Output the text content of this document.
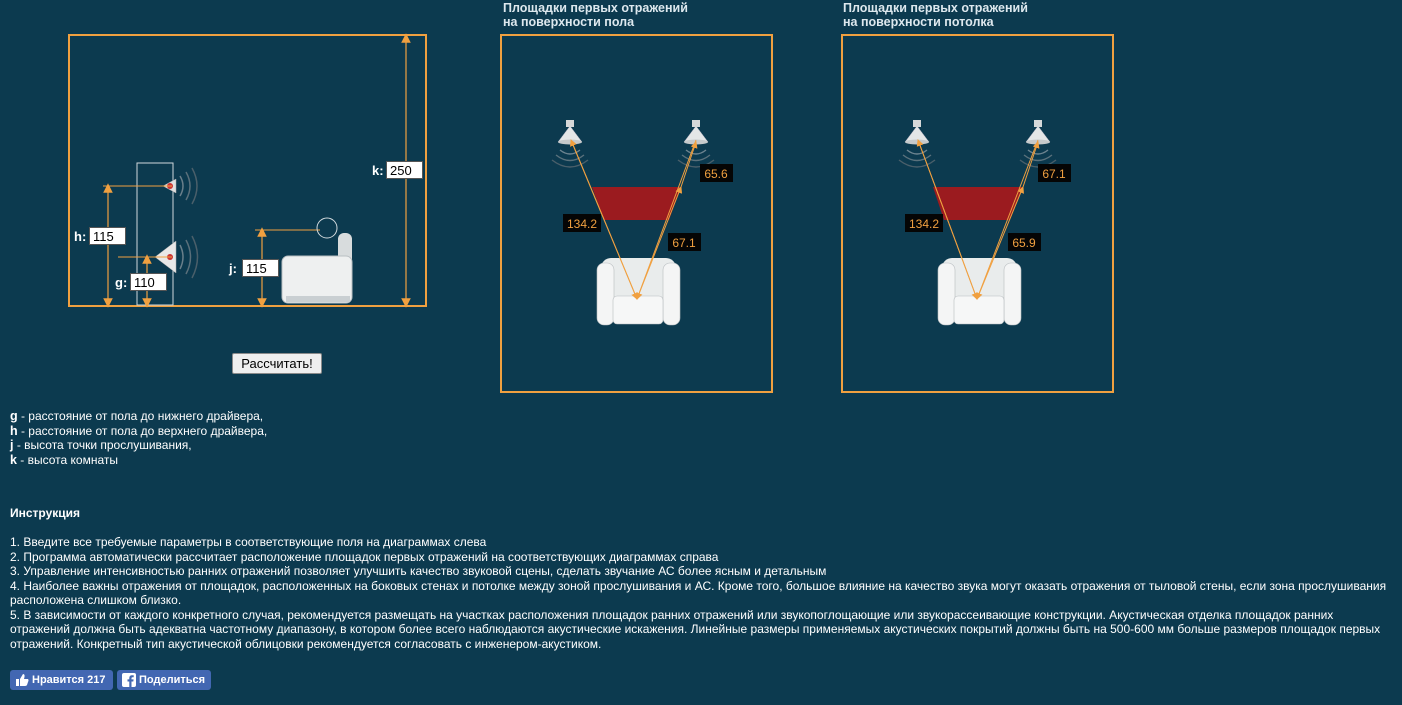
k:
250
h:
115
g:
110
j:
115
Рассчитать!
Площадки первых отражений
на поверхности пола
134.2
65.6
67.1
Площадки первых отражений
на поверхности потолка
134.2
67.1
65.9
g - расстояние от пола до нижнего драйвера,
h - расстояние от пола до верхнего драйвера,
j - высота точки прослушивания,
k - высота комнаты
Инструкция
1. Введите все требуемые параметры в соответствующие поля на диаграммах слева
2. Программа автоматически рассчитает расположение площадок первых отражений на соответствующих диаграммах справа
3. Управление интенсивностью ранних отражений позволяет улучшить качество звуковой сцены, сделать звучание АС более ясным и детальным
4. Наиболее важны отражения от площадок, расположенных на боковых стенах и потолке между зоной прослушивания и АС. Кроме того, большое влияние на качество звука могут оказать отражения от тыловой стены, если зона прослушивания расположена слишком близко.
5. В зависимости от каждого конкретного случая, рекомендуется размещать на участках расположения площадок ранних отражений или звукопоглощающие или звукорассеивающие конструкции. Акустическая отделка площадок ранних отражений должна быть адекватна частотному диапазону, в котором более всего наблюдаются акустические искажения. Линейные размеры применяемых акустических покрытий должны быть на 500-600 мм больше размеров площадок первых отражений. Конкретный тип акустической облицовки рекомендуется согласовать с инженером-акустиком.
Нравится 217	Поделиться
